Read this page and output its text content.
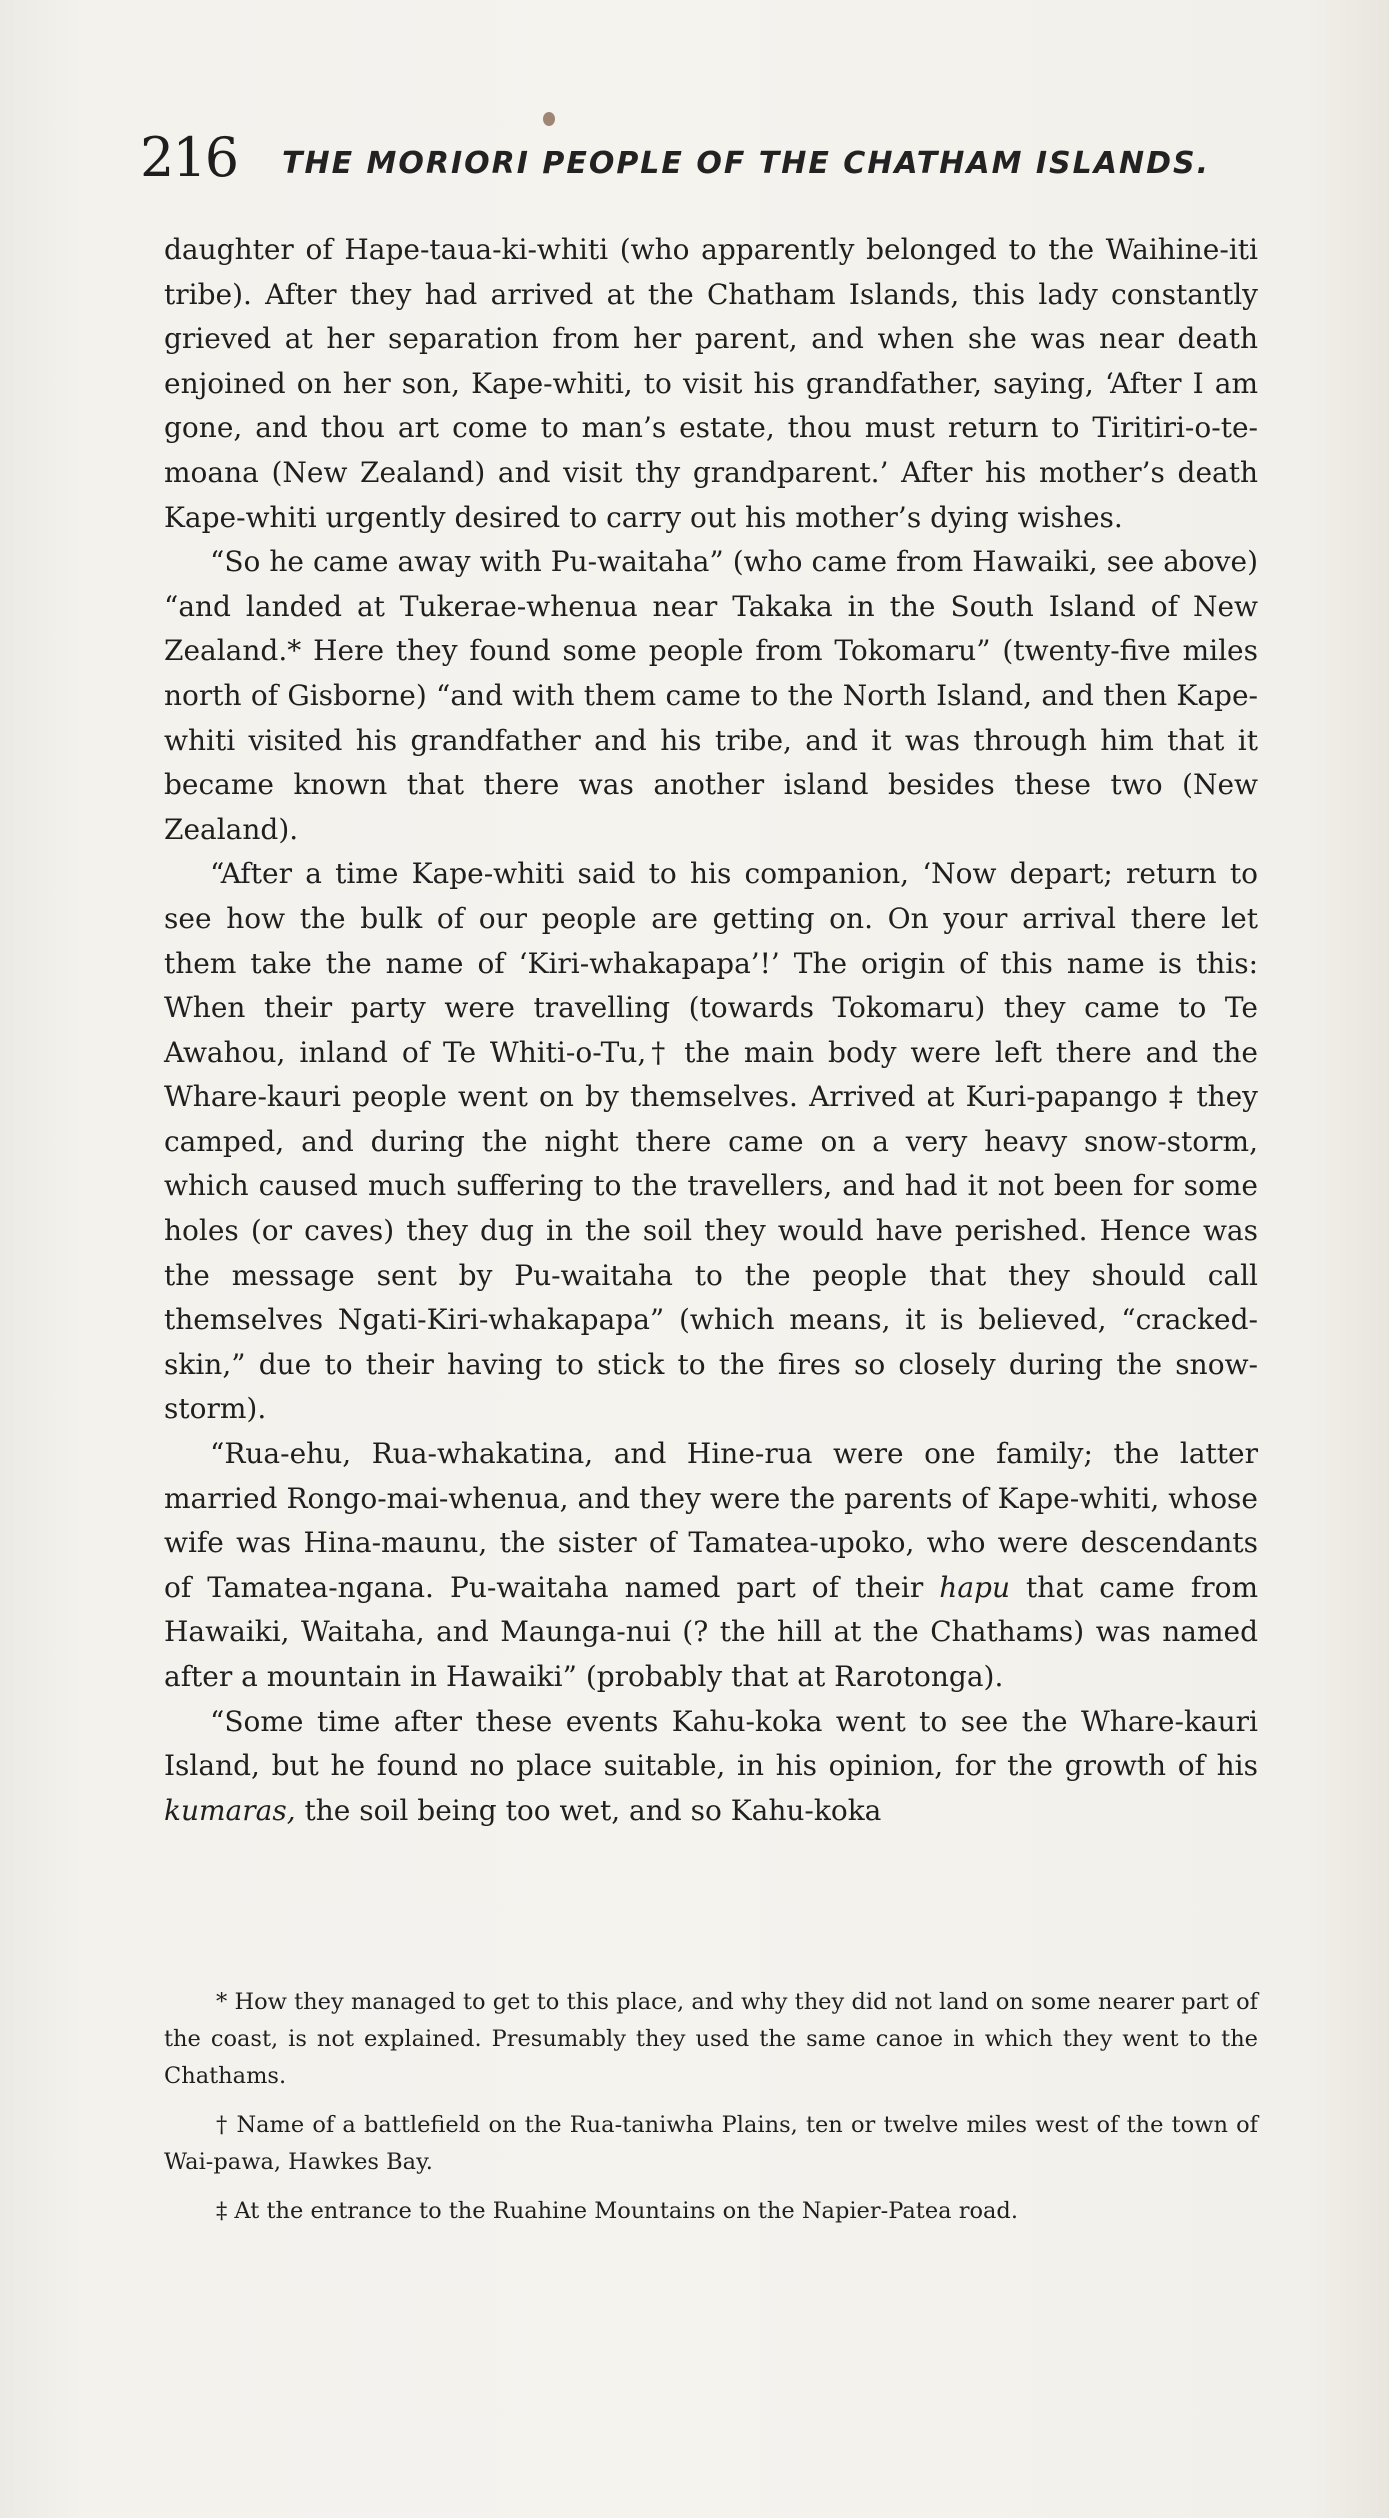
216 THE MORIORI PEOPLE OF THE CHATHAM ISLANDS.

daughter of Hape-taua-ki-whiti (who apparently belonged to the Waihine-iti tribe). After they had arrived at the Chatham Islands, this lady constantly grieved at her separation from her parent, and when she was near death enjoined on her son, Kape-whiti, to visit his grandfather, saying, ‘After I am gone, and thou art come to man’s estate, thou must return to Tiritiri-o-te-moana (New Zealand) and visit thy grandparent.’ After his mother’s death Kape-whiti urgently desired to carry out his mother’s dying wishes.

“So he came away with Pu-waitaha” (who came from Hawaiki, see above) “and landed at Tukerae-whenua near Takaka in the South Island of New Zealand.* Here they found some people from Tokomaru” (twenty-five miles north of Gisborne) “and with them came to the North Island, and then Kape-whiti visited his grandfather and his tribe, and it was through him that it became known that there was another island besides these two (New Zealand).

“After a time Kape-whiti said to his companion, ‘Now depart; return to see how the bulk of our people are getting on. On your arrival there let them take the name of ‘Kiri-whakapapa’!’ The origin of this name is this: When their party were travelling (towards Tokomaru) they came to Te Awahou, inland of Te Whiti-o-Tu,† the main body were left there and the Whare-kauri people went on by themselves. Arrived at Kuri-papango ‡ they camped, and during the night there came on a very heavy snow-storm, which caused much suffering to the travellers, and had it not been for some holes (or caves) they dug in the soil they would have perished. Hence was the message sent by Pu-waitaha to the people that they should call themselves Ngati-Kiri-whakapapa” (which means, it is believed, “cracked-skin,” due to their having to stick to the fires so closely during the snow-storm).

“Rua-ehu, Rua-whakatina, and Hine-rua were one family; the latter married Rongo-mai-whenua, and they were the parents of Kape-whiti, whose wife was Hina-maunu, the sister of Tamatea-upoko, who were descendants of Tamatea-ngana. Pu-waitaha named part of their hapu that came from Hawaiki, Waitaha, and Maunga-nui (? the hill at the Chathams) was named after a mountain in Hawaiki” (probably that at Rarotonga).

“Some time after these events Kahu-koka went to see the Whare-kauri Island, but he found no place suitable, in his opinion, for the growth of his kumaras, the soil being too wet, and so Kahu-koka

* How they managed to get to this place, and why they did not land on some nearer part of the coast, is not explained. Presumably they used the same canoe in which they went to the Chathams.

† Name of a battlefield on the Rua-taniwha Plains, ten or twelve miles west of the town of Wai-pawa, Hawkes Bay.

‡ At the entrance to the Ruahine Mountains on the Napier-Patea road.
